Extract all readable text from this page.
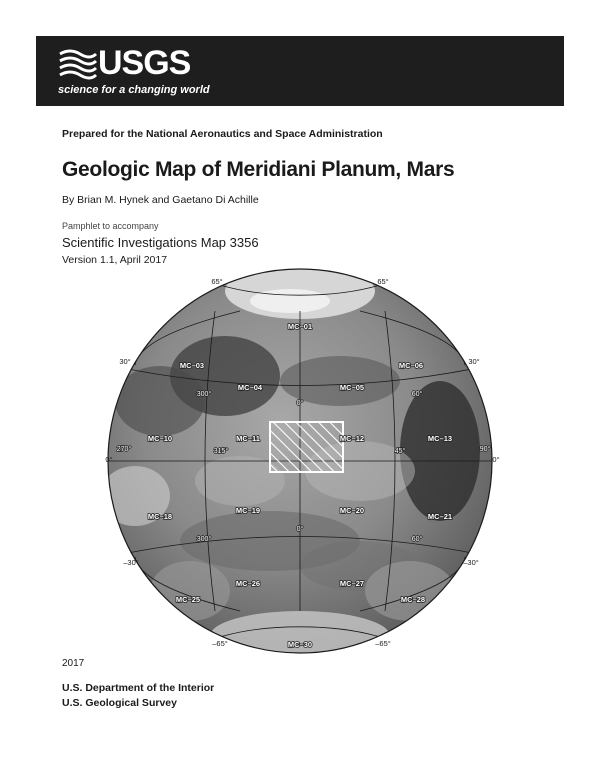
USGS
science for a changing world
Prepared for the National Aeronautics and Space Administration
Geologic Map of Meridiani Planum, Mars
By Brian M. Hynek and Gaetano Di Achille
Pamphlet to accompany
Scientific Investigations Map 3356
Version 1.1, April 2017
MC–01
MC–03
MC–04	MC–05
MC–06
MC–10	MC–11	MC–12	MC–13
MC–18
MC–19	MC–20
MC–21
MC–25
MC–26	MC–27
MC–28
MC–30
270°
300°
315°
300°
0°
0°
45°
60°
60°
90°
65°	65°
30°	30°
0°	0°
–30°	–30°
–65°	–65°
2017
U.S. Department of the Interior
U.S. Geological Survey
